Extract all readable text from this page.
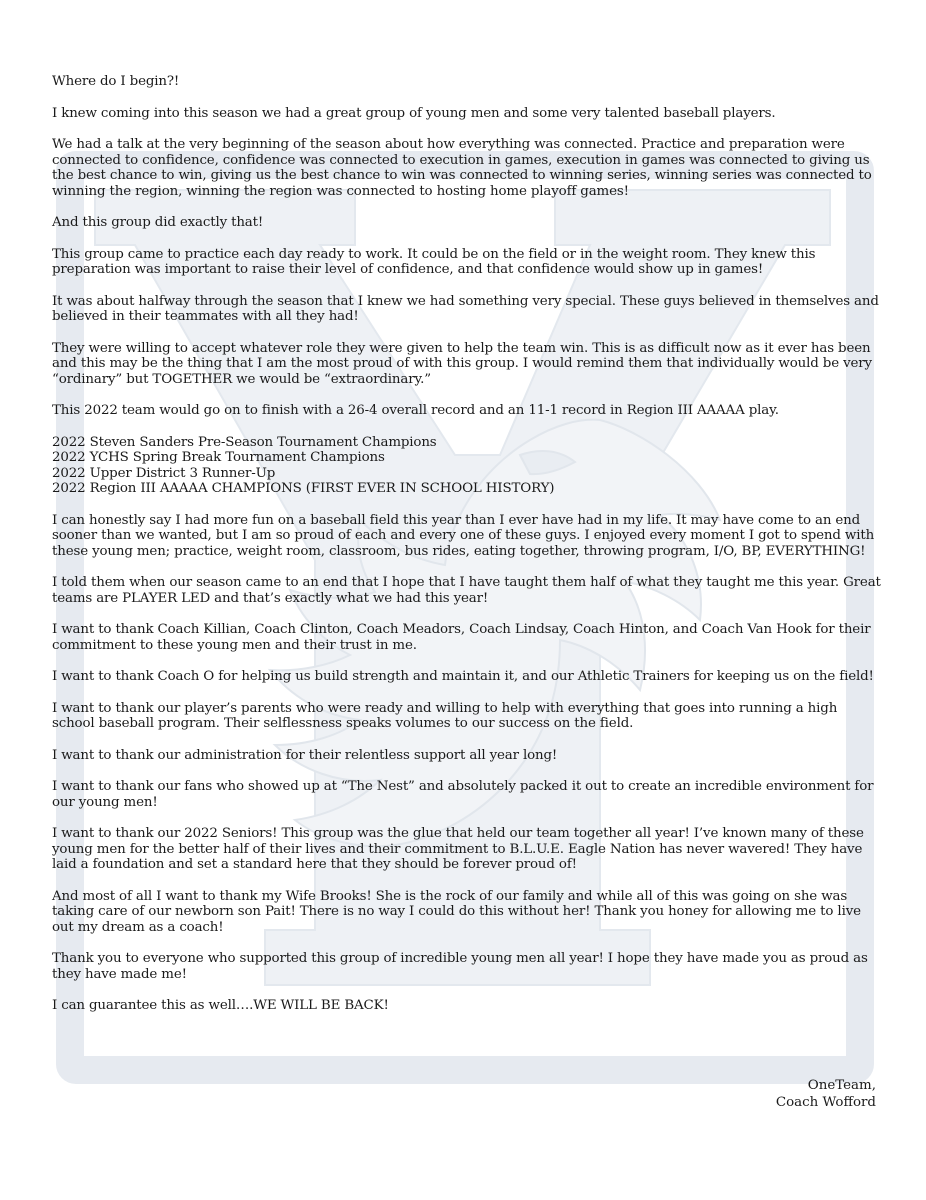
Where do I begin?!

I knew coming into this season we had a great group of young men and some very talented baseball players.

We had a talk at the very beginning of the season about how everything was connected. Practice and preparation were connected to confidence, confidence was connected to execution in games, execution in games was connected to giving us the best chance to win, giving us the best chance to win was connected to winning series, winning series was connected to winning the region, winning the region was connected to hosting home playoff games!

And this group did exactly that!

This group came to practice each day ready to work. It could be on the field or in the weight room. They knew this preparation was important to raise their level of confidence, and that confidence would show up in games!

It was about halfway through the season that I knew we had something very special. These guys believed in themselves and believed in their teammates with all they had!

They were willing to accept whatever role they were given to help the team win. This is as difficult now as it ever has been and this may be the thing that I am the most proud of with this group. I would remind them that individually would be very “ordinary” but TOGETHER we would be “extraordinary.”

This 2022 team would go on to finish with a 26-4 overall record and an 11-1 record in Region III AAAAA play.

2022 Steven Sanders Pre-Season Tournament Champions
2022 YCHS Spring Break Tournament Champions
2022 Upper District 3 Runner-Up
2022 Region III AAAAA CHAMPIONS (FIRST EVER IN SCHOOL HISTORY)

I can honestly say I had more fun on a baseball field this year than I ever have had in my life. It may have come to an end sooner than we wanted, but I am so proud of each and every one of these guys. I enjoyed every moment I got to spend with these young men; practice, weight room, classroom, bus rides, eating together, throwing program, I/O, BP, EVERYTHING!

I told them when our season came to an end that I hope that I have taught them half of what they taught me this year. Great teams are PLAYER LED and that’s exactly what we had this year!

I want to thank Coach Killian, Coach Clinton, Coach Meadors, Coach Lindsay, Coach Hinton, and Coach Van Hook for their commitment to these young men and their trust in me.

I want to thank Coach O for helping us build strength and maintain it, and our Athletic Trainers for keeping us on the field!

I want to thank our player’s parents who were ready and willing to help with everything that goes into running a high school baseball program. Their selflessness speaks volumes to our success on the field.

I want to thank our administration for their relentless support all year long!

I want to thank our fans who showed up at “The Nest” and absolutely packed it out to create an incredible environment for our young men!

I want to thank our 2022 Seniors! This group was the glue that held our team together all year! I’ve known many of these young men for the better half of their lives and their commitment to B.L.U.E. Eagle Nation has never wavered! They have laid a foundation and set a standard here that they should be forever proud of!

And most of all I want to thank my Wife Brooks! She is the rock of our family and while all of this was going on she was taking care of our newborn son Pait! There is no way I could do this without her! Thank you honey for allowing me to live out my dream as a coach!

Thank you to everyone who supported this group of incredible young men all year! I hope they have made you as proud as they have made me!

I can guarantee this as well….WE WILL BE BACK!

OneTeam,
Coach Wofford
